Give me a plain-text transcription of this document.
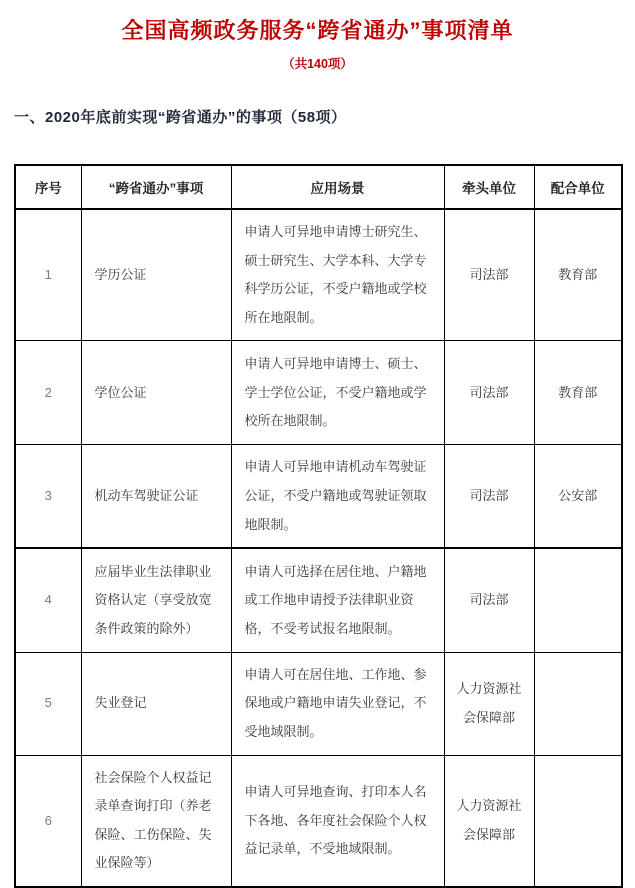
全国高频政务服务“跨省通办”事项清单
（共140项）
一、2020年底前实现“跨省通办”的事项（58项）
序号	“跨省通办”事项	应用场景	牵头单位	配合单位
1	学历公证	申请人可异地申请博士研究生、硕士研究生、大学本科、大学专科学历公证，不受户籍地或学校所在地限制。	司法部	教育部
2	学位公证	申请人可异地申请博士、硕士、学士学位公证，不受户籍地或学校所在地限制。	司法部	教育部
3	机动车驾驶证公证	申请人可异地申请机动车驾驶证公证，不受户籍地或驾驶证领取地限制。	司法部	公安部
4	应届毕业生法律职业资格认定（享受放宽条件政策的除外）	申请人可选择在居住地、户籍地或工作地申请授予法律职业资格，不受考试报名地限制。	司法部	
5	失业登记	申请人可在居住地、工作地、参保地或户籍地申请失业登记，不受地域限制。	人力资源社会保障部	
6	社会保险个人权益记录单查询打印（养老保险、工伤保险、失业保险等）	申请人可异地查询、打印本人名下各地、各年度社会保险个人权益记录单，不受地域限制。	人力资源社会保障部	
